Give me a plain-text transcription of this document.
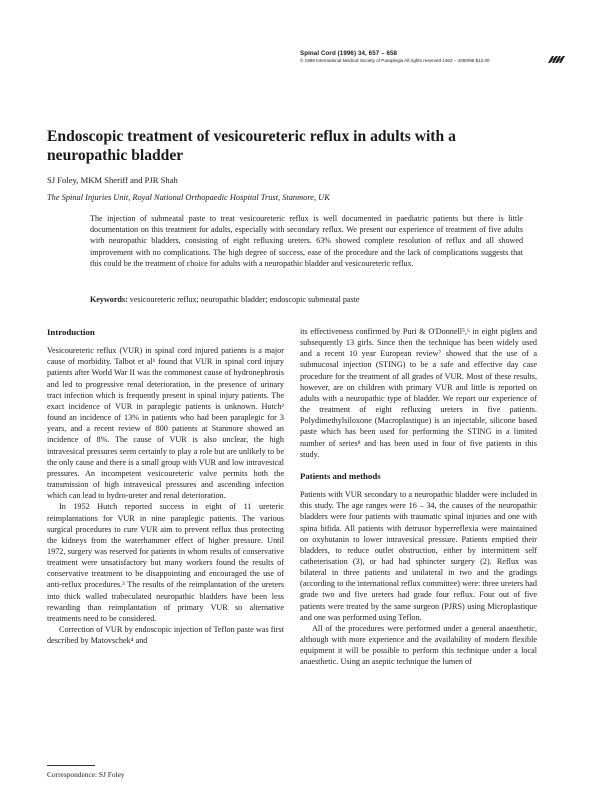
Spinal Cord (1996) 34, 657 – 658
© 1996 International Medical Society of Paraplegia All rights reserved 1362 – 4393/96 $12.00
Endoscopic treatment of vesicoureteric reflux in adults with a neuropathic bladder
SJ Foley, MKM Sheriff and PJR Shah
The Spinal Injuries Unit, Royal National Orthopaedic Hospital Trust, Stanmore, UK

The injection of submeatal paste to treat vesicoureteric reflux is well documented in paediatric patients but there is little documentation on this treatment for adults, especially with secondary reflux. We present our experience of treatment of five adults with neuropathic bladders, consisting of eight refluxing ureters. 63% showed complete resolution of reflux and all showed improvement with no complications. The high degree of success, ease of the procedure and the lack of complications suggests that this could be the treatment of choice for adults with a neuropathic bladder and vesicoureteric reflux.

Keywords: vesicoureteric reflux; neuropathic bladder; endoscopic submeatal paste
Introduction

Vesicoureteric reflux (VUR) in spinal cord injured patients is a major cause of morbidity. Talbot et al¹ found that VUR in spinal cord injury patients after World War II was the commonest cause of hydronephrosis and led to progressive renal deterioration, in the presence of urinary tract infection which is frequently present in spinal injury patients. The exact incidence of VUR in paraplegic patients is unknown. Hutch² found an incidence of 13% in patients who had been paraplegic for 3 years, and a recent review of 800 patients at Stanmore showed an incidence of 8%. The cause of VUR is also unclear, the high intravesical pressures seem certainly to play a role but are unlikely to be the only cause and there is a small group with VUR and low intravesical pressures. An incompetent vesicoureteric valve permits both the transmission of high intravesical pressures and ascending infection which can lead to hydro-ureter and renal deterioration.

In 1952 Hutch reported success in eight of 11 ureteric reimplantations for VUR in nine paraplegic patients. The various surgical procedures to cure VUR aim to prevent reflux thus protecting the kidneys from the waterhammer effect of higher pressure. Until 1972, surgery was reserved for patients in whom results of conservative treatment were unsatisfactory but many workers found the results of conservative treatment to be disappointing and encouraged the use of anti-reflux procedures.³ The results of the reimplantation of the ureters into thick walled trabeculated neuropathic bladders have been less rewarding than reimplantation of primary VUR so alternative treatments need to be considered.

Correction of VUR by endoscopic injection of Teflon paste was first described by Matovschek⁴ and

its effectiveness confirmed by Puri & O'Donnell⁵,⁶ in eight piglets and subsequently 13 girls. Since then the technique has been widely used and a recent 10 year European review⁷ showed that the use of a submucosal injection (STING) to be a safe and effective day case procedure for the treatment of all grades of VUR. Most of these results, however, are on children with primary VUR and little is reported on adults with a neuropathic type of bladder. We report our experience of the treatment of eight refluxing ureters in five patients. Polydimethylsiloxone (Macroplastique) is an injectable, silicone based paste which has been used for performing the STING in a limited number of series⁸ and has been used in four of five patients in this study.

Patients and methods

Patients with VUR secondary to a neuropathic bladder were included in this study. The age ranges were 16 – 34, the causes of the neuropathic bladders were four patients with traumatic spinal injuries and one with spina bifida. All patients with detrusor hyperreflexia were maintained on oxybutanin to lower intravesical pressure. Patients emptied their bladders, to reduce outlet obstruction, either by intermittent self catheterisation (3), or had had sphincter surgery (2). Reflux was bilateral in three patients and unilateral in two and the gradings (according to the international reflux committee) were: three ureters had grade two and five ureters had grade four reflux. Four out of five patients were treated by the same surgeon (PJRS) using Microplastique and one was performed using Teflon.

All of the procedures were performed under a general anaesthetic, although with more experience and the availability of modern flexible equipment it will be possible to perform this technique under a local anaesthetic. Using an aseptic technique the lumen of

Correspondence: SJ Foley
